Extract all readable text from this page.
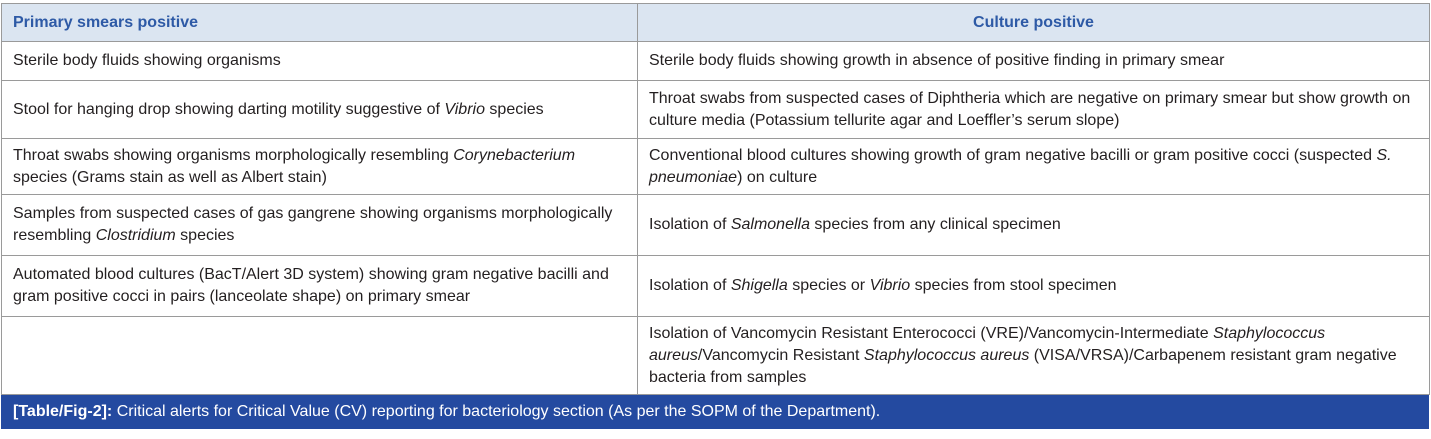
Primary smears positive	Culture positive
Sterile body fluids showing organisms	Sterile body fluids showing growth in absence of positive finding in primary smear
Stool for hanging drop showing darting motility suggestive of Vibrio species	Throat swabs from suspected cases of Diphtheria which are negative on primary smear but show growth on culture media (Potassium tellurite agar and Loeffler’s serum slope)
Throat swabs showing organisms morphologically resembling Corynebacterium species (Grams stain as well as Albert stain)	Conventional blood cultures showing growth of gram negative bacilli or gram positive cocci (suspected S. pneumoniae) on culture
Samples from suspected cases of gas gangrene showing organisms morphologically resembling Clostridium species	Isolation of Salmonella species from any clinical specimen
Automated blood cultures (BacT/Alert 3D system) showing gram negative bacilli and gram positive cocci in pairs (lanceolate shape) on primary smear	Isolation of Shigella species or Vibrio species from stool specimen
	Isolation of Vancomycin Resistant Enterococci (VRE)/Vancomycin-Intermediate Staphylococcus aureus/Vancomycin Resistant Staphylococcus aureus (VISA/VRSA)/Carbapenem resistant gram negative bacteria from samples
[Table/Fig-2]: Critical alerts for Critical Value (CV) reporting for bacteriology section (As per the SOPM of the Department).
